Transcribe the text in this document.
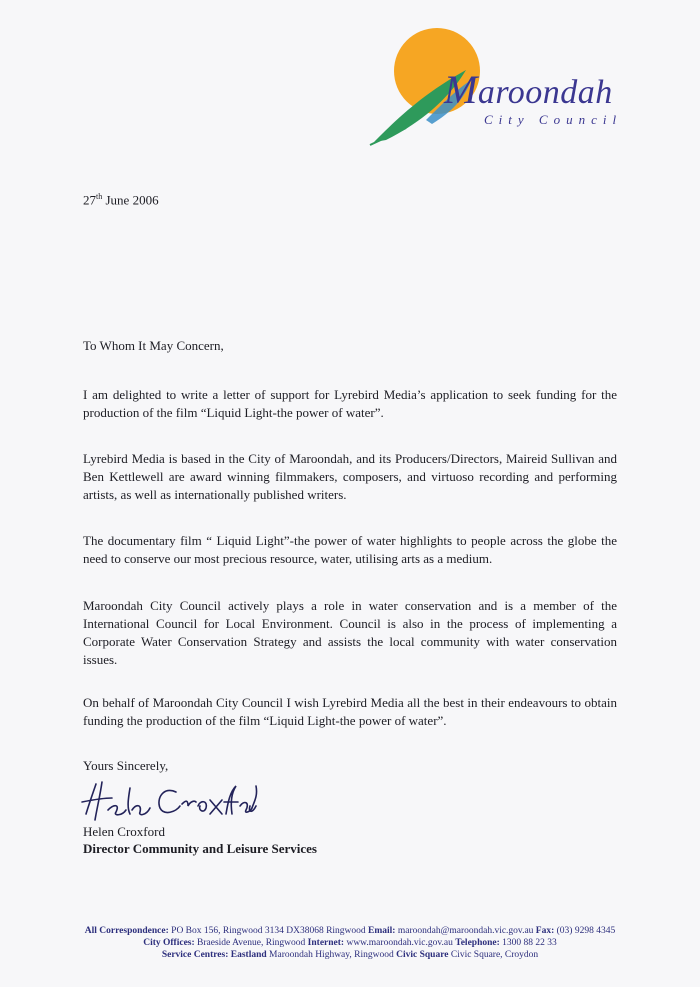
Maroondah
City Council
27th June 2006
To Whom It May Concern,

I am delighted to write a letter of support for Lyrebird Media’s application to seek funding for the production of the film “Liquid Light-the power of water”.

Lyrebird Media is based in the City of Maroondah, and its Producers/Directors, Maireid Sullivan and Ben Kettlewell are award winning filmmakers, composers, and virtuoso recording and performing artists, as well as internationally published writers.

The documentary film “ Liquid Light”-the power of water highlights to people across the globe the need to conserve our most precious resource, water, utilising arts as a medium.

Maroondah City Council actively plays a role in water conservation and is a member of the International Council for Local Environment. Council is also in the process of implementing a Corporate Water Conservation Strategy and assists the local community with water conservation issues.

On behalf of Maroondah City Council I wish Lyrebird Media all the best in their endeavours to obtain funding the production of the film “Liquid Light-the power of water”.

Yours Sincerely,
Helen Croxford
Director Community and Leisure Services
All Correspondence: PO Box 156, Ringwood 3134 DX38068 Ringwood Email: maroondah@maroondah.vic.gov.au Fax: (03) 9298 4345
City Offices: Braeside Avenue, Ringwood Internet: www.maroondah.vic.gov.au Telephone: 1300 88 22 33
Service Centres: Eastland Maroondah Highway, Ringwood Civic Square Civic Square, Croydon
